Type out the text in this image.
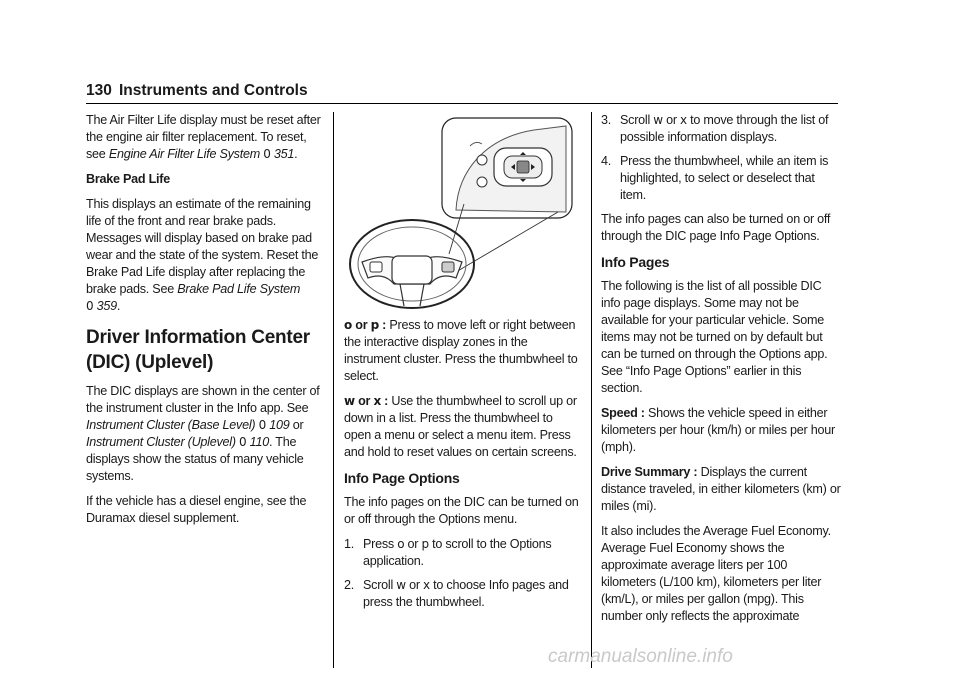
130 Instruments and Controls

The Air Filter Life display must be reset after the engine air filter replacement. To reset, see Engine Air Filter Life System 0 351.

Brake Pad Life

This displays an estimate of the remaining life of the front and rear brake pads. Messages will display based on brake pad wear and the state of the system. Reset the Brake Pad Life display after replacing the brake pads. See Brake Pad Life System
0 359.

Driver Information Center (DIC) (Uplevel)

The DIC displays are shown in the center of the instrument cluster in the Info app. See Instrument Cluster (Base Level) 0 109 or Instrument Cluster (Uplevel) 0 110. The displays show the status of many vehicle systems.

If the vehicle has a diesel engine, see the Duramax diesel supplement.

o or p : Press to move left or right between the interactive display zones in the instrument cluster. Press the thumbwheel to select.

w or x : Use the thumbwheel to scroll up or down in a list. Press the thumbwheel to open a menu or select a menu item. Press and hold to reset values on certain screens.

Info Page Options

The info pages on the DIC can be turned on or off through the Options menu.

1. Press o or p to scroll to the Options application.
2. Scroll w or x to choose Info pages and press the thumbwheel.
3. Scroll w or x to move through the list of possible information displays.
4. Press the thumbwheel, while an item is highlighted, to select or deselect that item.

The info pages can also be turned on or off through the DIC page Info Page Options.

Info Pages

The following is the list of all possible DIC info page displays. Some may not be available for your particular vehicle. Some items may not be turned on by default but can be turned on through the Options app. See “Info Page Options” earlier in this section.

Speed : Shows the vehicle speed in either kilometers per hour (km/h) or miles per hour (mph).

Drive Summary : Displays the current distance traveled, in either kilometers (km) or miles (mi).

It also includes the Average Fuel Economy. Average Fuel Economy shows the approximate average liters per 100 kilometers (L/100 km), kilometers per liter (km/L), or miles per gallon (mpg). This number only reflects the approximate

carmanualsonline.info
